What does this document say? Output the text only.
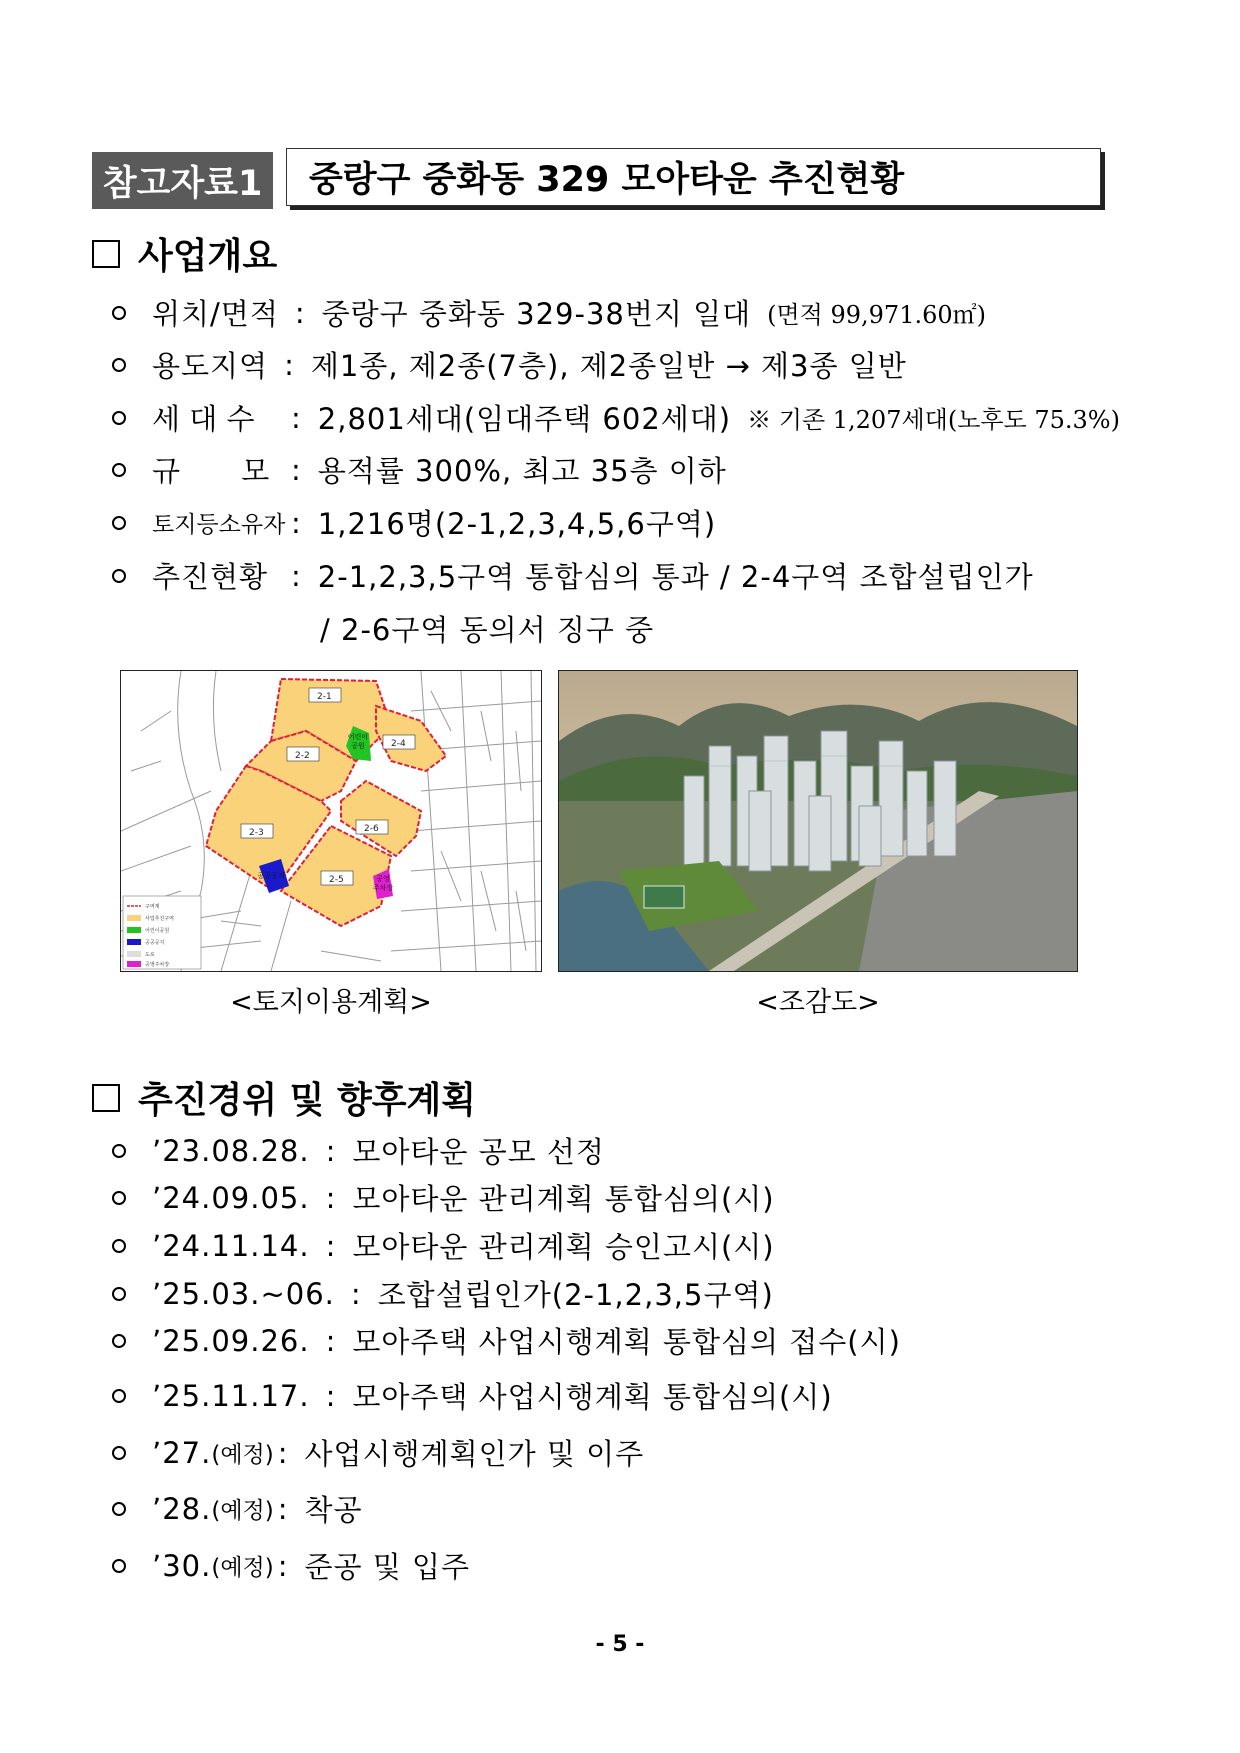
참고자료1	중랑구 중화동 329 모아타운 추진현황
사업개요
위치/면적 : 중랑구 중화동 329-38번지 일대 (면적 99,971.60㎡)
용도지역 : 제1종, 제2종(7층), 제2종일반 → 제3종 일반
세 대 수	: 2,801세대(임대주택 602세대) ※ 기존 1,207세대(노후도 75.3%)
규 모 : 용적률 300%, 최고 35층 이하
토지등소유자 : 1,216명(2-1,2,3,4,5,6구역)
추진현황 : 2-1,2,3,5구역 통합심의 통과 / 2-4구역 조합설립인가
/ 2-6구역 동의서 징구 중
2-1
2-2
2-3
2-4
2-5
2-6
구역계
사업추진구역
어린이공원
공공공지
도로
공영주차장
어린이
공원
공공공지	공영
주차장
<토지이용계획>	<조감도>
추진경위 및 향후계획
’23.08.28. : 모아타운 공모 선정
’24.09.05. : 모아타운 관리계획 통합심의(시)
’24.11.14. : 모아타운 관리계획 승인고시(시)
’25.03.~06. : 조합설립인가(2-1,2,3,5구역)
’25.09.26. : 모아주택 사업시행계획 통합심의 접수(시)
’25.11.17. : 모아주택 사업시행계획 통합심의(시)
’27. (예정) : 사업시행계획인가 및 이주
’28. (예정) : 착공
’30. (예정) : 준공 및 입주
- 5 -
